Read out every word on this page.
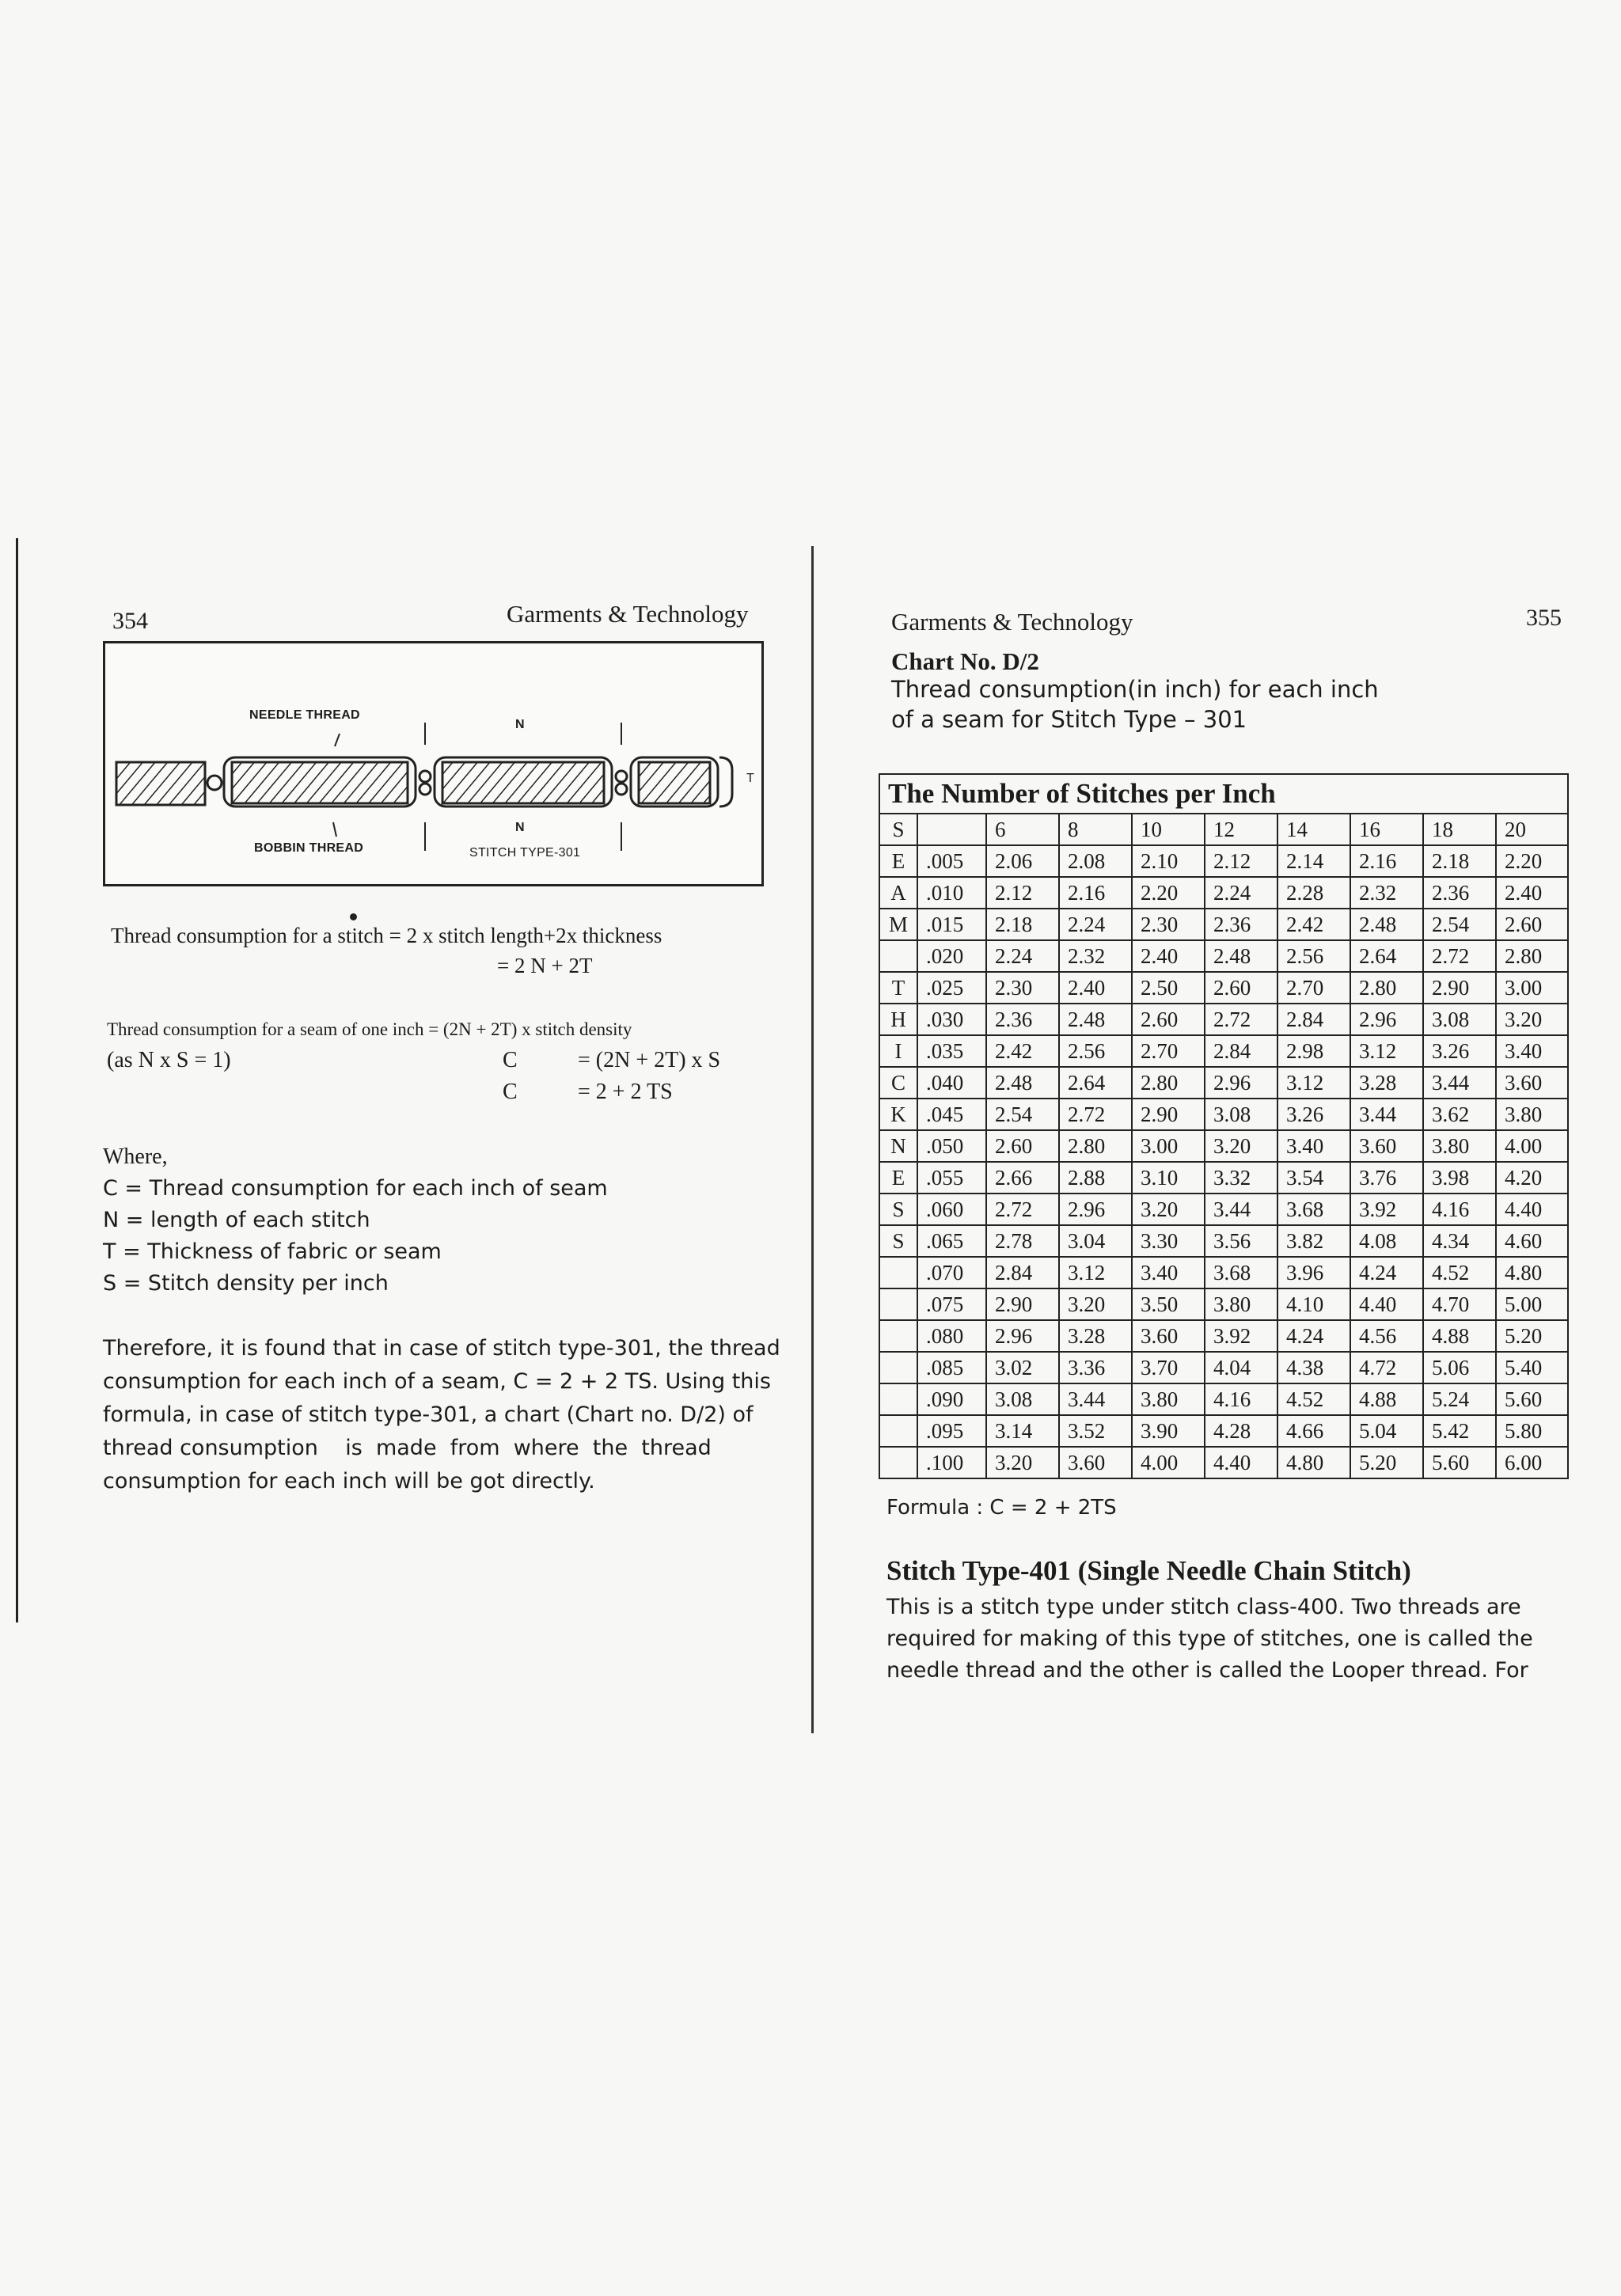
354	Garments & Technology
NEEDLE THREAD
N
T
N
BOBBIN THREAD	STITCH TYPE-301
Thread consumption for a stitch = 2 x stitch length+2x thickness
= 2 N + 2T
Thread consumption for a seam of one inch = (2N + 2T) x stitch density
(as N x S = 1)	C	= (2N + 2T) x S
C	= 2 + 2 TS
Where,
C = Thread consumption for each inch of seam
N = length of each stitch
T = Thickness of fabric or seam
S = Stitch density per inch
Therefore, it is found that in case of stitch type-301, the thread
consumption for each inch of a seam, C = 2 + 2 TS. Using this
formula, in case of stitch type-301, a chart (Chart no. D/2) of
thread consumption    is  made  from  where  the  thread
consumption for each inch will be got directly.
Garments & Technology	355
Chart No. D/2
Thread consumption(in inch) for each inch
of a seam for Stitch Type – 301
The Number of Stitches per Inch									
S		6	8	10	12	14	16	18	20
E	.005	2.06	2.08	2.10	2.12	2.14	2.16	2.18	2.20
A	.010	2.12	2.16	2.20	2.24	2.28	2.32	2.36	2.40
M	.015	2.18	2.24	2.30	2.36	2.42	2.48	2.54	2.60
	.020	2.24	2.32	2.40	2.48	2.56	2.64	2.72	2.80
T	.025	2.30	2.40	2.50	2.60	2.70	2.80	2.90	3.00
H	.030	2.36	2.48	2.60	2.72	2.84	2.96	3.08	3.20
I	.035	2.42	2.56	2.70	2.84	2.98	3.12	3.26	3.40
C	.040	2.48	2.64	2.80	2.96	3.12	3.28	3.44	3.60
K	.045	2.54	2.72	2.90	3.08	3.26	3.44	3.62	3.80
N	.050	2.60	2.80	3.00	3.20	3.40	3.60	3.80	4.00
E	.055	2.66	2.88	3.10	3.32	3.54	3.76	3.98	4.20
S	.060	2.72	2.96	3.20	3.44	3.68	3.92	4.16	4.40
S	.065	2.78	3.04	3.30	3.56	3.82	4.08	4.34	4.60
	.070	2.84	3.12	3.40	3.68	3.96	4.24	4.52	4.80
	.075	2.90	3.20	3.50	3.80	4.10	4.40	4.70	5.00
	.080	2.96	3.28	3.60	3.92	4.24	4.56	4.88	5.20
	.085	3.02	3.36	3.70	4.04	4.38	4.72	5.06	5.40
	.090	3.08	3.44	3.80	4.16	4.52	4.88	5.24	5.60
	.095	3.14	3.52	3.90	4.28	4.66	5.04	5.42	5.80
	.100	3.20	3.60	4.00	4.40	4.80	5.20	5.60	6.00
Formula : C = 2 + 2TS
Stitch Type-401 (Single Needle Chain Stitch)
This is a stitch type under stitch class-400. Two threads are
required for making of this type of stitches, one is called the
needle thread and the other is called the Looper thread. For
